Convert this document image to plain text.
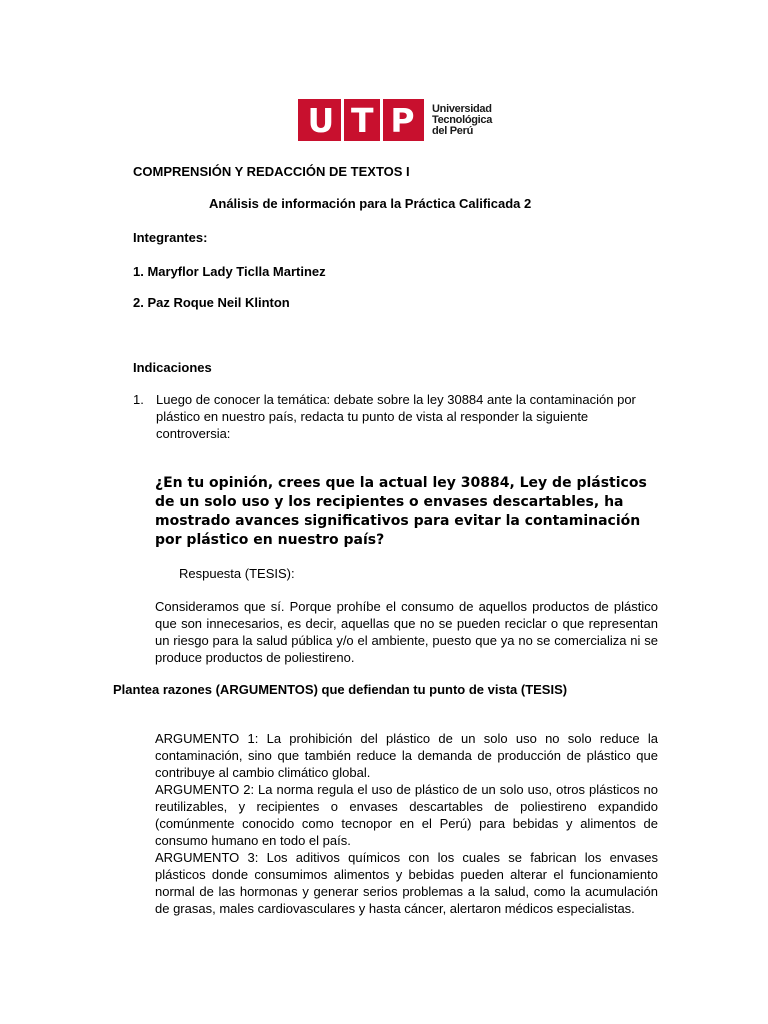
U T P Universidad
Tecnológica
del Perú
COMPRENSIÓN Y REDACCIÓN DE TEXTOS I
Análisis de información para la Práctica Calificada 2
Integrantes:
1. Maryflor Lady Ticlla Martinez
2. Paz Roque Neil Klinton
Indicaciones
1. Luego de conocer la temática: debate sobre la ley 30884 ante la contaminación por plástico en nuestro país, redacta tu punto de vista al responder la siguiente controversia:
¿En tu opinión, crees que la actual ley 30884, Ley de plásticos de un solo uso y los recipientes o envases descartables, ha mostrado avances significativos para evitar la contaminación por plástico en nuestro país?
Respuesta (TESIS):
Consideramos que sí. Porque prohíbe el consumo de aquellos productos de plástico que son innecesarios, es decir, aquellas que no se pueden reciclar o que representan un riesgo para la salud pública y/o el ambiente, puesto que ya no se comercializa ni se produce productos de poliestireno.
Plantea razones (ARGUMENTOS) que defiendan tu punto de vista (TESIS)

ARGUMENTO 1: La prohibición del plástico de un solo uso no solo reduce la contaminación, sino que también reduce la demanda de producción de plástico que contribuye al cambio climático global.

ARGUMENTO 2: La norma regula el uso de plástico de un solo uso, otros plásticos no reutilizables, y recipientes o envases descartables de poliestireno expandido (comúnmente conocido como tecnopor en el Perú) para bebidas y alimentos de consumo humano en todo el país.

ARGUMENTO 3: Los aditivos químicos con los cuales se fabrican los envases plásticos donde consumimos alimentos y bebidas pueden alterar el funcionamiento normal de las hormonas y generar serios problemas a la salud, como la acumulación de grasas, males cardiovasculares y hasta cáncer, alertaron médicos especialistas.
